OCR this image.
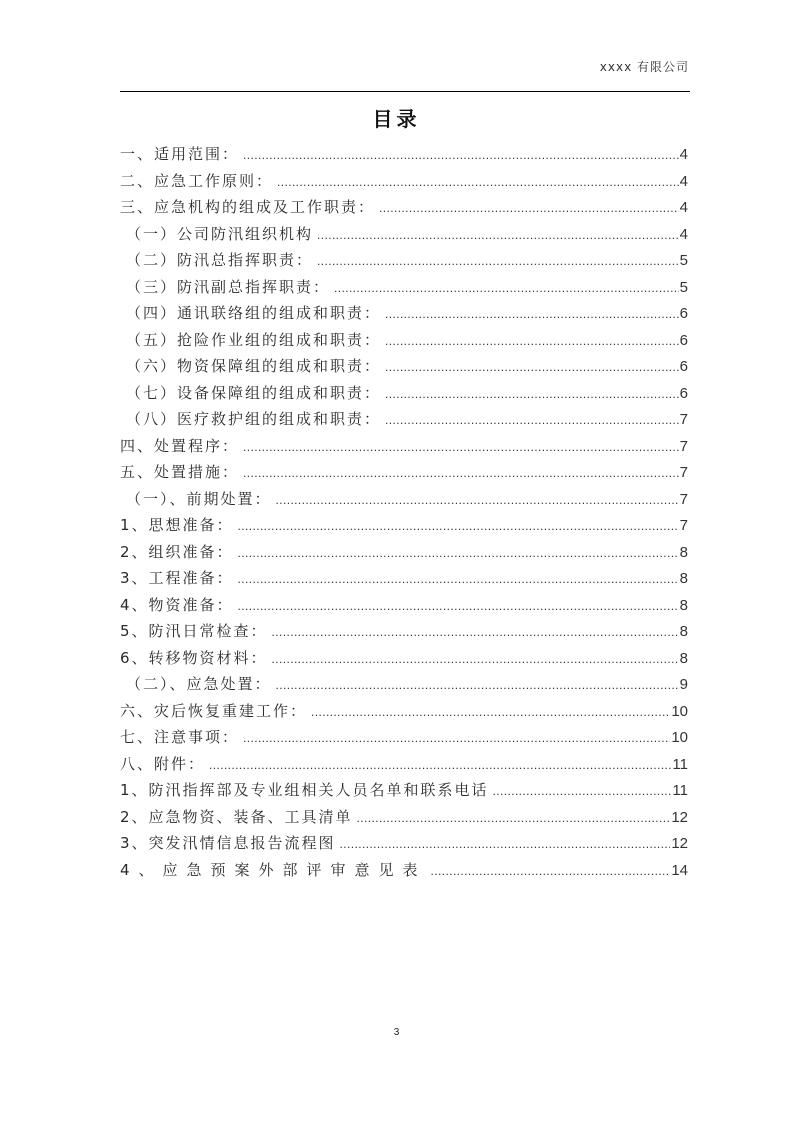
xxxx 有限公司
目录
一、适用范围： .....	4
二、应急工作原则： .....	4
三、应急机构的组成及工作职责： .....	4
（一）公司防汛组织机构 .....	4
（二）防汛总指挥职责： .....	5
（三）防汛副总指挥职责： .....	5
（四）通讯联络组的组成和职责： .....	6
（五）抢险作业组的组成和职责： .....	6
（六）物资保障组的组成和职责： .....	6
（七）设备保障组的组成和职责： .....	6
（八）医疗救护组的组成和职责： .....	7
四、处置程序： .....	7
五、处置措施： .....	7
（一）、前期处置： .....	7
1、思想准备： .....	7
2、组织准备： .....	8
3、工程准备： .....	8
4、物资准备： .....	8
5、防汛日常检查： .....	8
6、转移物资材料： .....	8
（二）、应急处置： .....	9
六、灾后恢复重建工作： .....	10
七、注意事项： .....	10
八、附件： .....	11
1、防汛指挥部及专业组相关人员名单和联系电话 .....	11
2、应急物资、装备、工具清单 .....	12
3、突发汛情信息报告流程图 .....	12
4、应急预案外部评审意见表 .....	14
3
